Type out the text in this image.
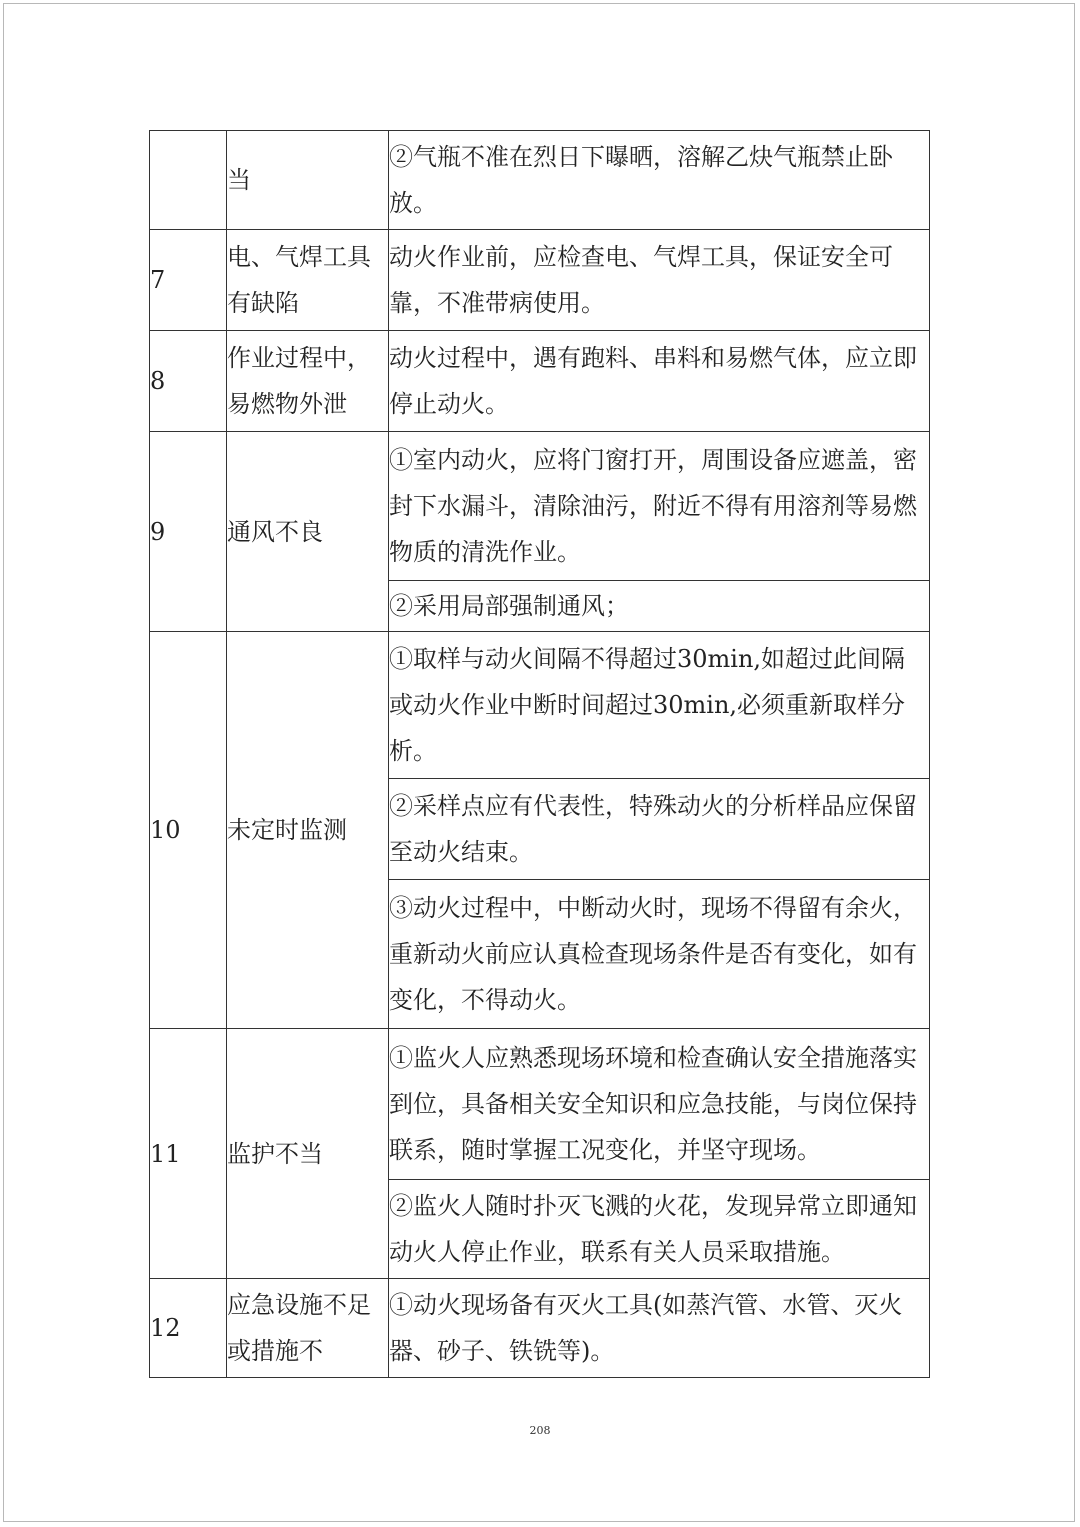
	当	②气瓶不准在烈日下曝晒，溶解乙炔气瓶禁止卧放。
7	电、气焊工具有缺陷	动火作业前，应检查电、气焊工具，保证安全可靠，不准带病使用。
8	作业过程中，易燃物外泄	动火过程中，遇有跑料、串料和易燃气体，应立即停止动火。
9	通风不良	①室内动火，应将门窗打开，周围设备应遮盖，密封下水漏斗，清除油污，附近不得有用溶剂等易燃物质的清洗作业。
		②采用局部强制通风；
10	未定时监测	①取样与动火间隔不得超过30min,如超过此间隔或动火作业中断时间超过30min,必须重新取样分析。
		②采样点应有代表性，特殊动火的分析样品应保留至动火结束。
		③动火过程中，中断动火时，现场不得留有余火，重新动火前应认真检查现场条件是否有变化，如有变化，不得动火。
11	监护不当	①监火人应熟悉现场环境和检查确认安全措施落实到位，具备相关安全知识和应急技能，与岗位保持联系，随时掌握工况变化，并坚守现场。
		②监火人随时扑灭飞溅的火花，发现异常立即通知动火人停止作业，联系有关人员采取措施。
12	应急设施不足或措施不	①动火现场备有灭火工具(如蒸汽管、水管、灭火器、砂子、铁铣等)。
208
